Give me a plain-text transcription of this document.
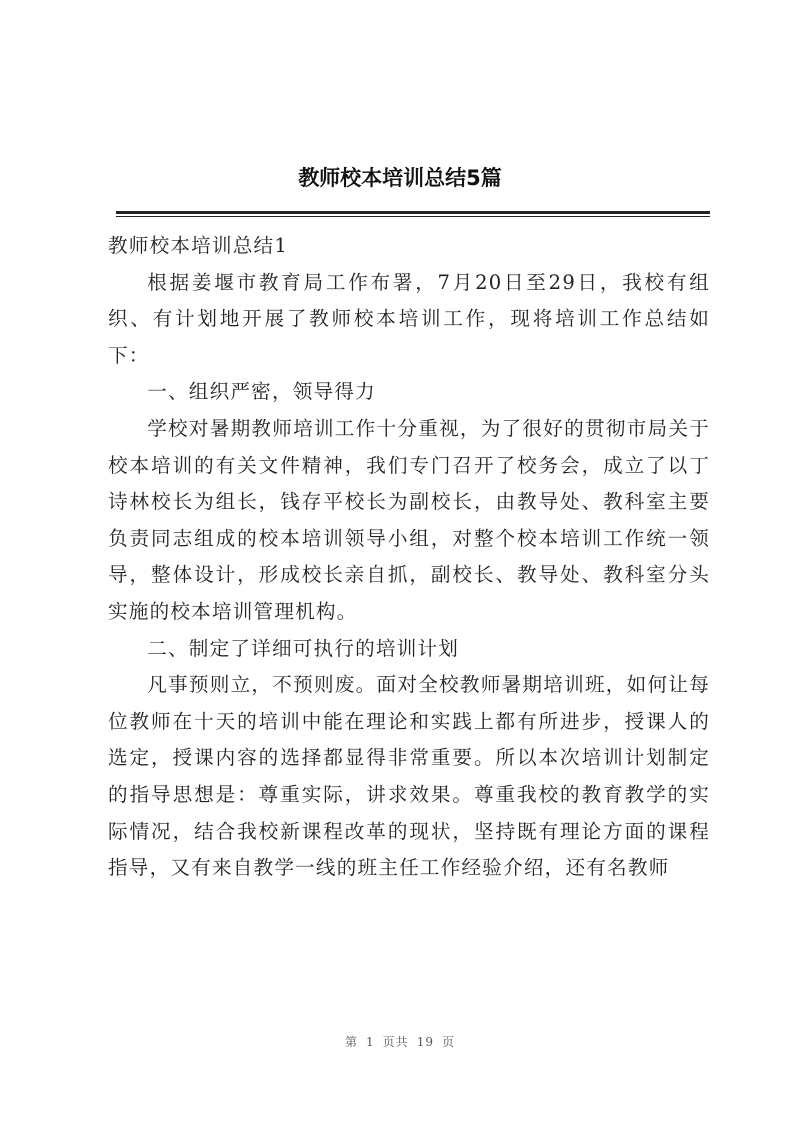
教师校本培训总结5篇

教师校本培训总结1

根据姜堰市教育局工作布署，7月20日至29日，我校有组织、有计划地开展了教师校本培训工作，现将培训工作总结如下：

一、组织严密，领导得力

学校对暑期教师培训工作十分重视，为了很好的贯彻市局关于校本培训的有关文件精神，我们专门召开了校务会，成立了以丁诗林校长为组长，钱存平校长为副校长，由教导处、教科室主要负责同志组成的校本培训领导小组，对整个校本培训工作统一领导，整体设计，形成校长亲自抓，副校长、教导处、教科室分头实施的校本培训管理机构。

二、制定了详细可执行的培训计划

凡事预则立，不预则废。面对全校教师暑期培训班，如何让每位教师在十天的培训中能在理论和实践上都有所进步，授课人的选定，授课内容的选择都显得非常重要。所以本次培训计划制定的指导思想是：尊重实际，讲求效果。尊重我校的教育教学的实际情况，结合我校新课程改革的现状，坚持既有理论方面的课程指导，又有来自教学一线的班主任工作经验介绍，还有名教师

第 1 页共 19 页
